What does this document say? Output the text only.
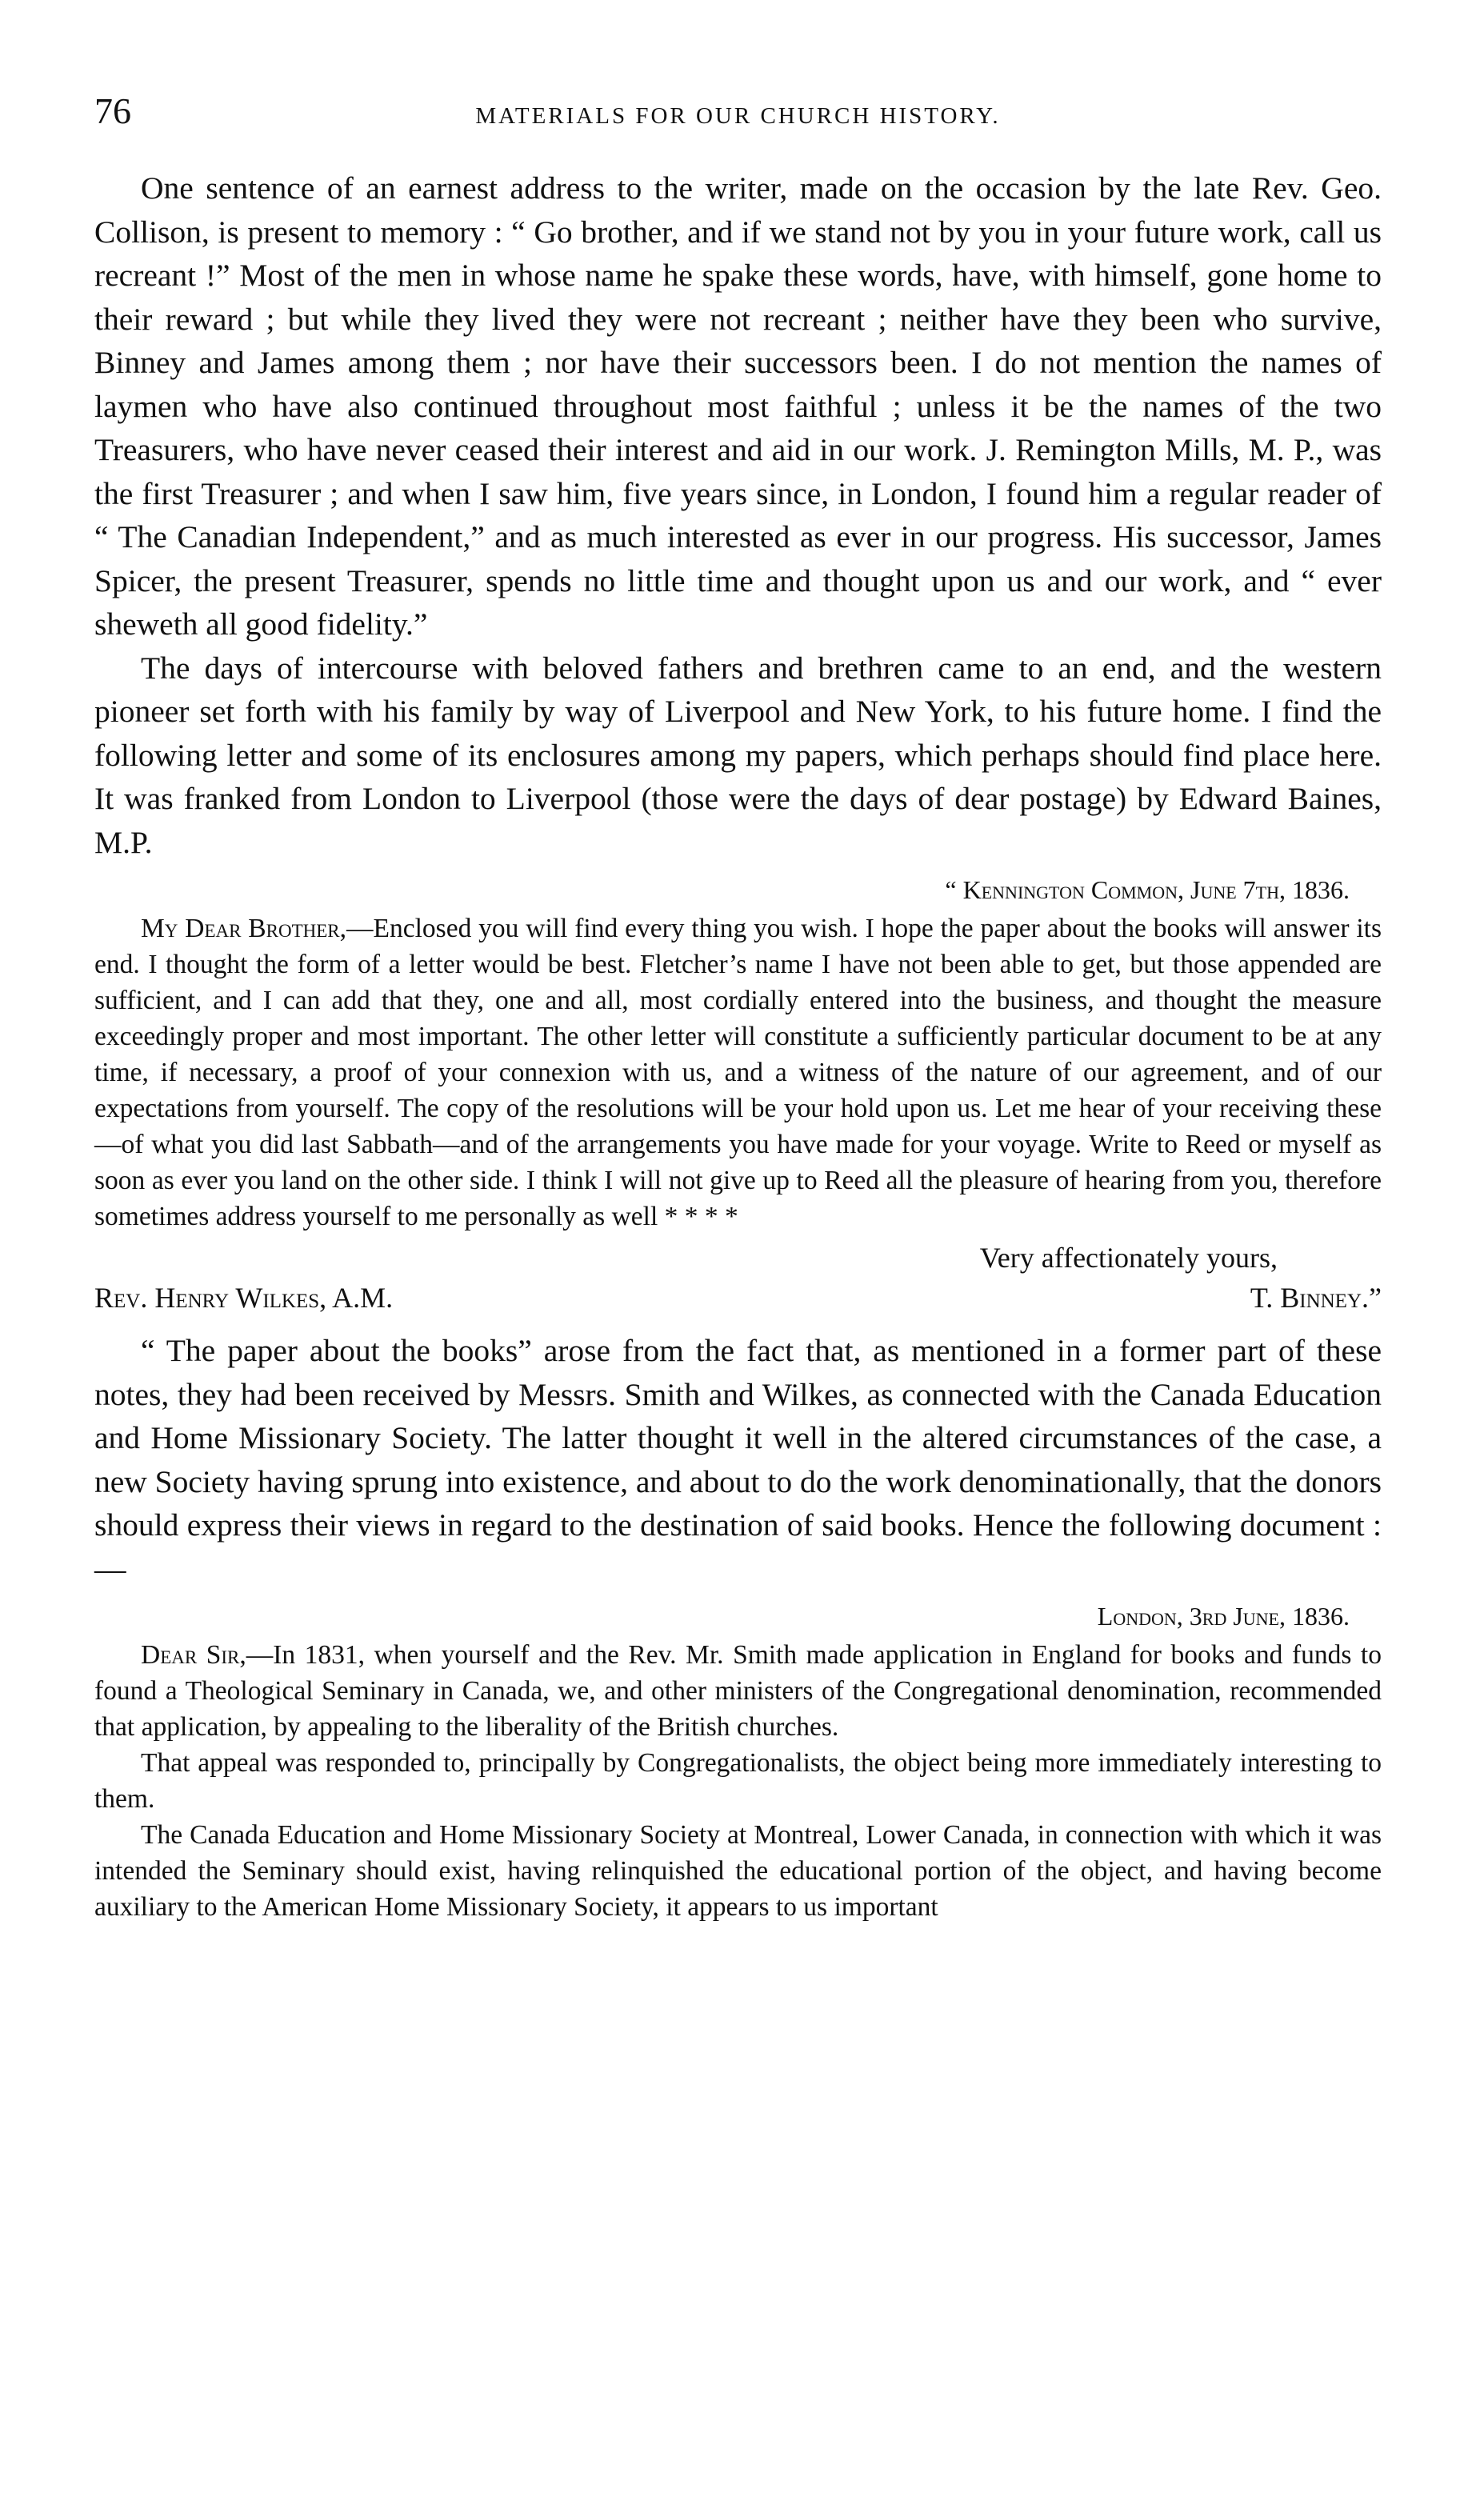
76	MATERIALS FOR OUR CHURCH HISTORY.

One sentence of an earnest address to the writer, made on the occasion by the late Rev. Geo. Collison, is present to memory : “ Go brother, and if we stand not by you in your future work, call us recreant !” Most of the men in whose name he spake these words, have, with himself, gone home to their reward ; but while they lived they were not recreant ; neither have they been who survive, Binney and James among them ; nor have their successors been. I do not mention the names of laymen who have also continued throughout most faithful ; unless it be the names of the two Treasurers, who have never ceased their interest and aid in our work. J. Remington Mills, M. P., was the first Treasurer ; and when I saw him, five years since, in London, I found him a regular reader of “ The Canadian Independent,” and as much interested as ever in our progress. His successor, James Spicer, the present Treasurer, spends no little time and thought upon us and our work, and “ ever sheweth all good fidelity.”

The days of intercourse with beloved fathers and brethren came to an end, and the western pioneer set forth with his family by way of Liverpool and New York, to his future home. I find the following letter and some of its enclosures among my papers, which perhaps should find place here. It was franked from London to Liverpool (those were the days of dear postage) by Edward Baines, M.P.

“ Kennington Common, June 7th, 1836.

My Dear Brother,—Enclosed you will find every thing you wish. I hope the paper about the books will answer its end. I thought the form of a letter would be best. Fletcher’s name I have not been able to get, but those appended are sufficient, and I can add that they, one and all, most cordially entered into the business, and thought the measure exceedingly proper and most important. The other letter will constitute a sufficiently particular document to be at any time, if necessary, a proof of your connexion with us, and a witness of the nature of our agreement, and of our expectations from yourself. The copy of the resolutions will be your hold upon us. Let me hear of your receiving these—of what you did last Sabbath—and of the arrangements you have made for your voyage. Write to Reed or myself as soon as ever you land on the other side. I think I will not give up to Reed all the pleasure of hearing from you, therefore sometimes address yourself to me personally as well * * * *

Very affectionately yours,
Rev. Henry Wilkes, A.M.	T. Binney.”

“ The paper about the books” arose from the fact that, as mentioned in a former part of these notes, they had been received by Messrs. Smith and Wilkes, as connected with the Canada Education and Home Missionary Society. The latter thought it well in the altered circumstances of the case, a new Society having sprung into existence, and about to do the work denominationally, that the donors should express their views in regard to the destination of said books. Hence the following document :—

London, 3rd June, 1836.

Dear Sir,—In 1831, when yourself and the Rev. Mr. Smith made application in England for books and funds to found a Theological Seminary in Canada, we, and other ministers of the Congregational denomination, recommended that application, by appealing to the liberality of the British churches.

That appeal was responded to, principally by Congregationalists, the object being more immediately interesting to them.

The Canada Education and Home Missionary Society at Montreal, Lower Canada, in connection with which it was intended the Seminary should exist, having relinquished the educational portion of the object, and having become auxiliary to the American Home Missionary Society, it appears to us important
